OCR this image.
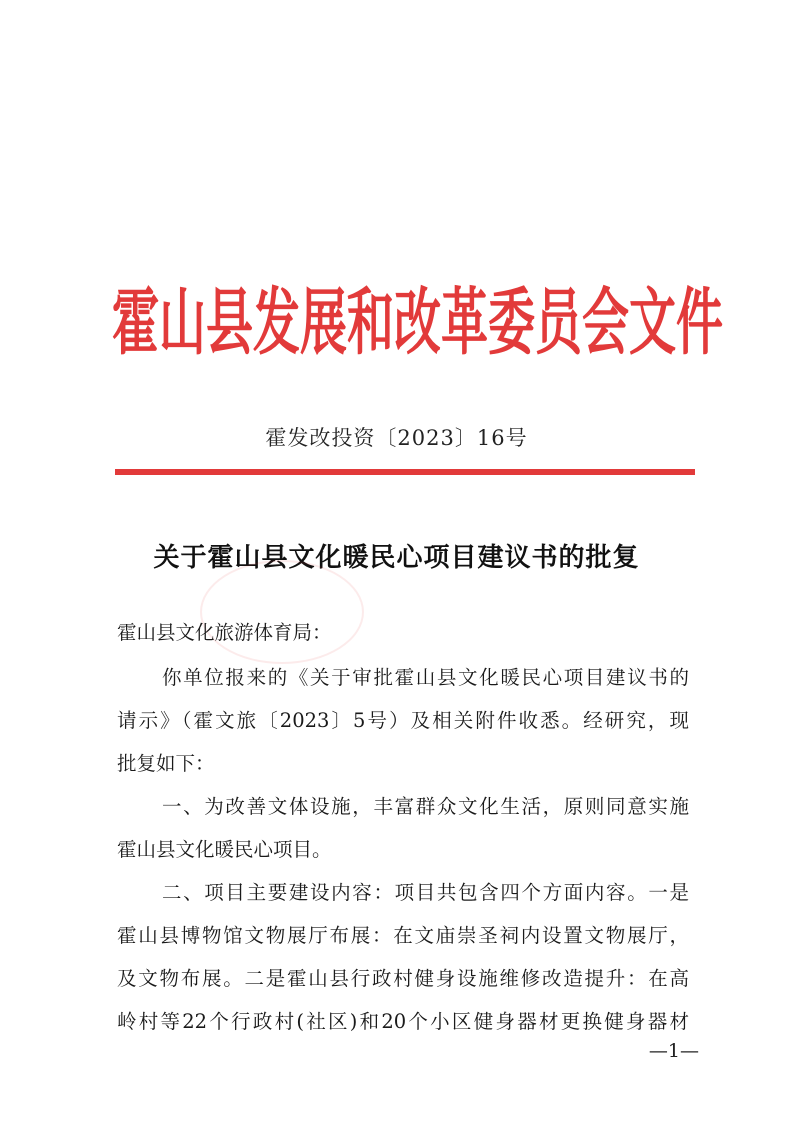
霍 山 县 发 展 和 改 革 委 员 会 文 件
霍发改投资〔2023〕16号
关于霍山县文化暖民心项目建议书的批复
霍山县文化旅游体育局：
你单位报来的《关于审批霍山县文化暖民心项目建议书的
请示》（霍文旅〔2023〕5号）及相关附件收悉。经研究，现
批复如下：
一、为改善文体设施，丰富群众文化生活，原则同意实施
霍山县文化暖民心项目。
二、项目主要建设内容：项目共包含四个方面内容。一是
霍山县博物馆文物展厅布展：在文庙崇圣祠内设置文物展厅，
及文物布展。二是霍山县行政村健身设施维修改造提升：在高
岭村等22个行政村(社区)和20个小区健身器材更换健身器材
—1—
